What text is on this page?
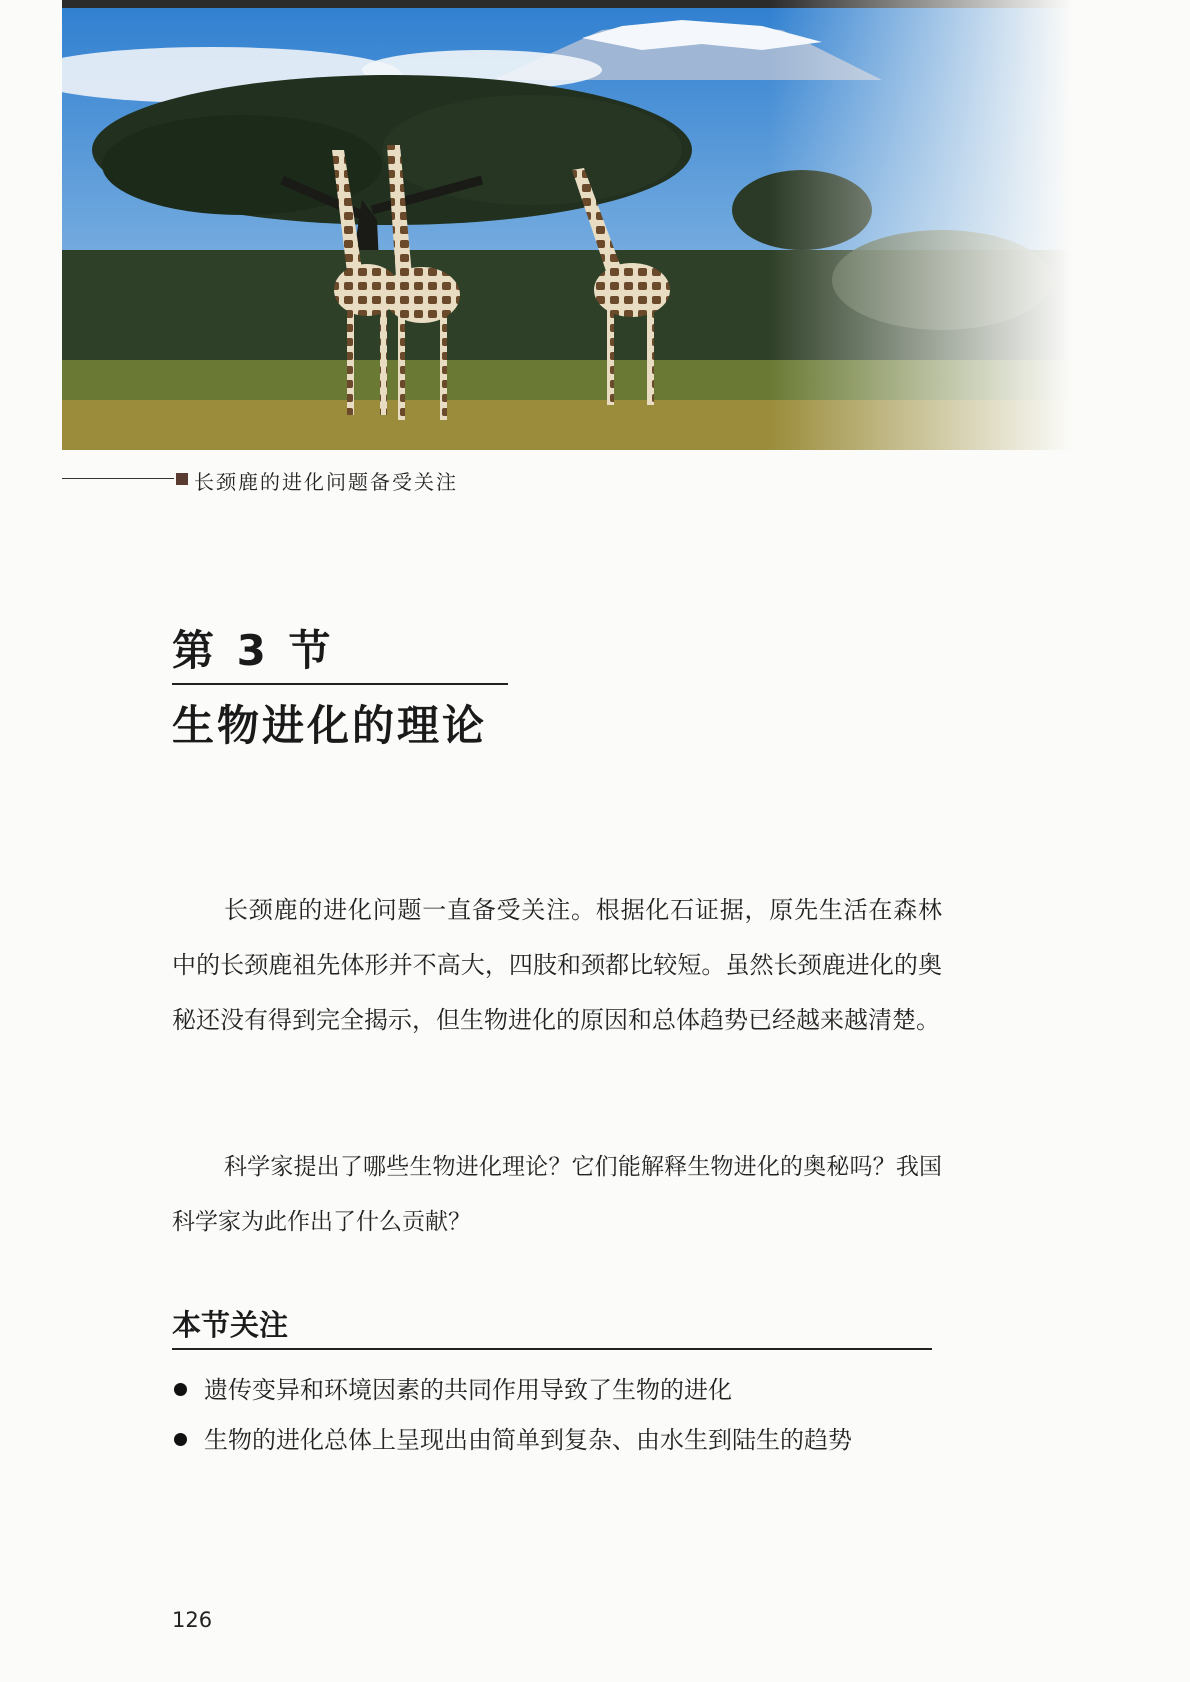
长颈鹿的进化问题备受关注
第 3 节
生物进化的理论

长颈鹿的进化问题一直备受关注。根据化石证据，原先生活在森林中的长颈鹿祖先体形并不高大，四肢和颈都比较短。虽然长颈鹿进化的奥秘还没有得到完全揭示，但生物进化的原因和总体趋势已经越来越清楚。

科学家提出了哪些生物进化理论？它们能解释生物进化的奥秘吗？我国科学家为此作出了什么贡献？

本节关注
遗传变异和环境因素的共同作用导致了生物的进化
生物的进化总体上呈现出由简单到复杂、由水生到陆生的趋势
126
